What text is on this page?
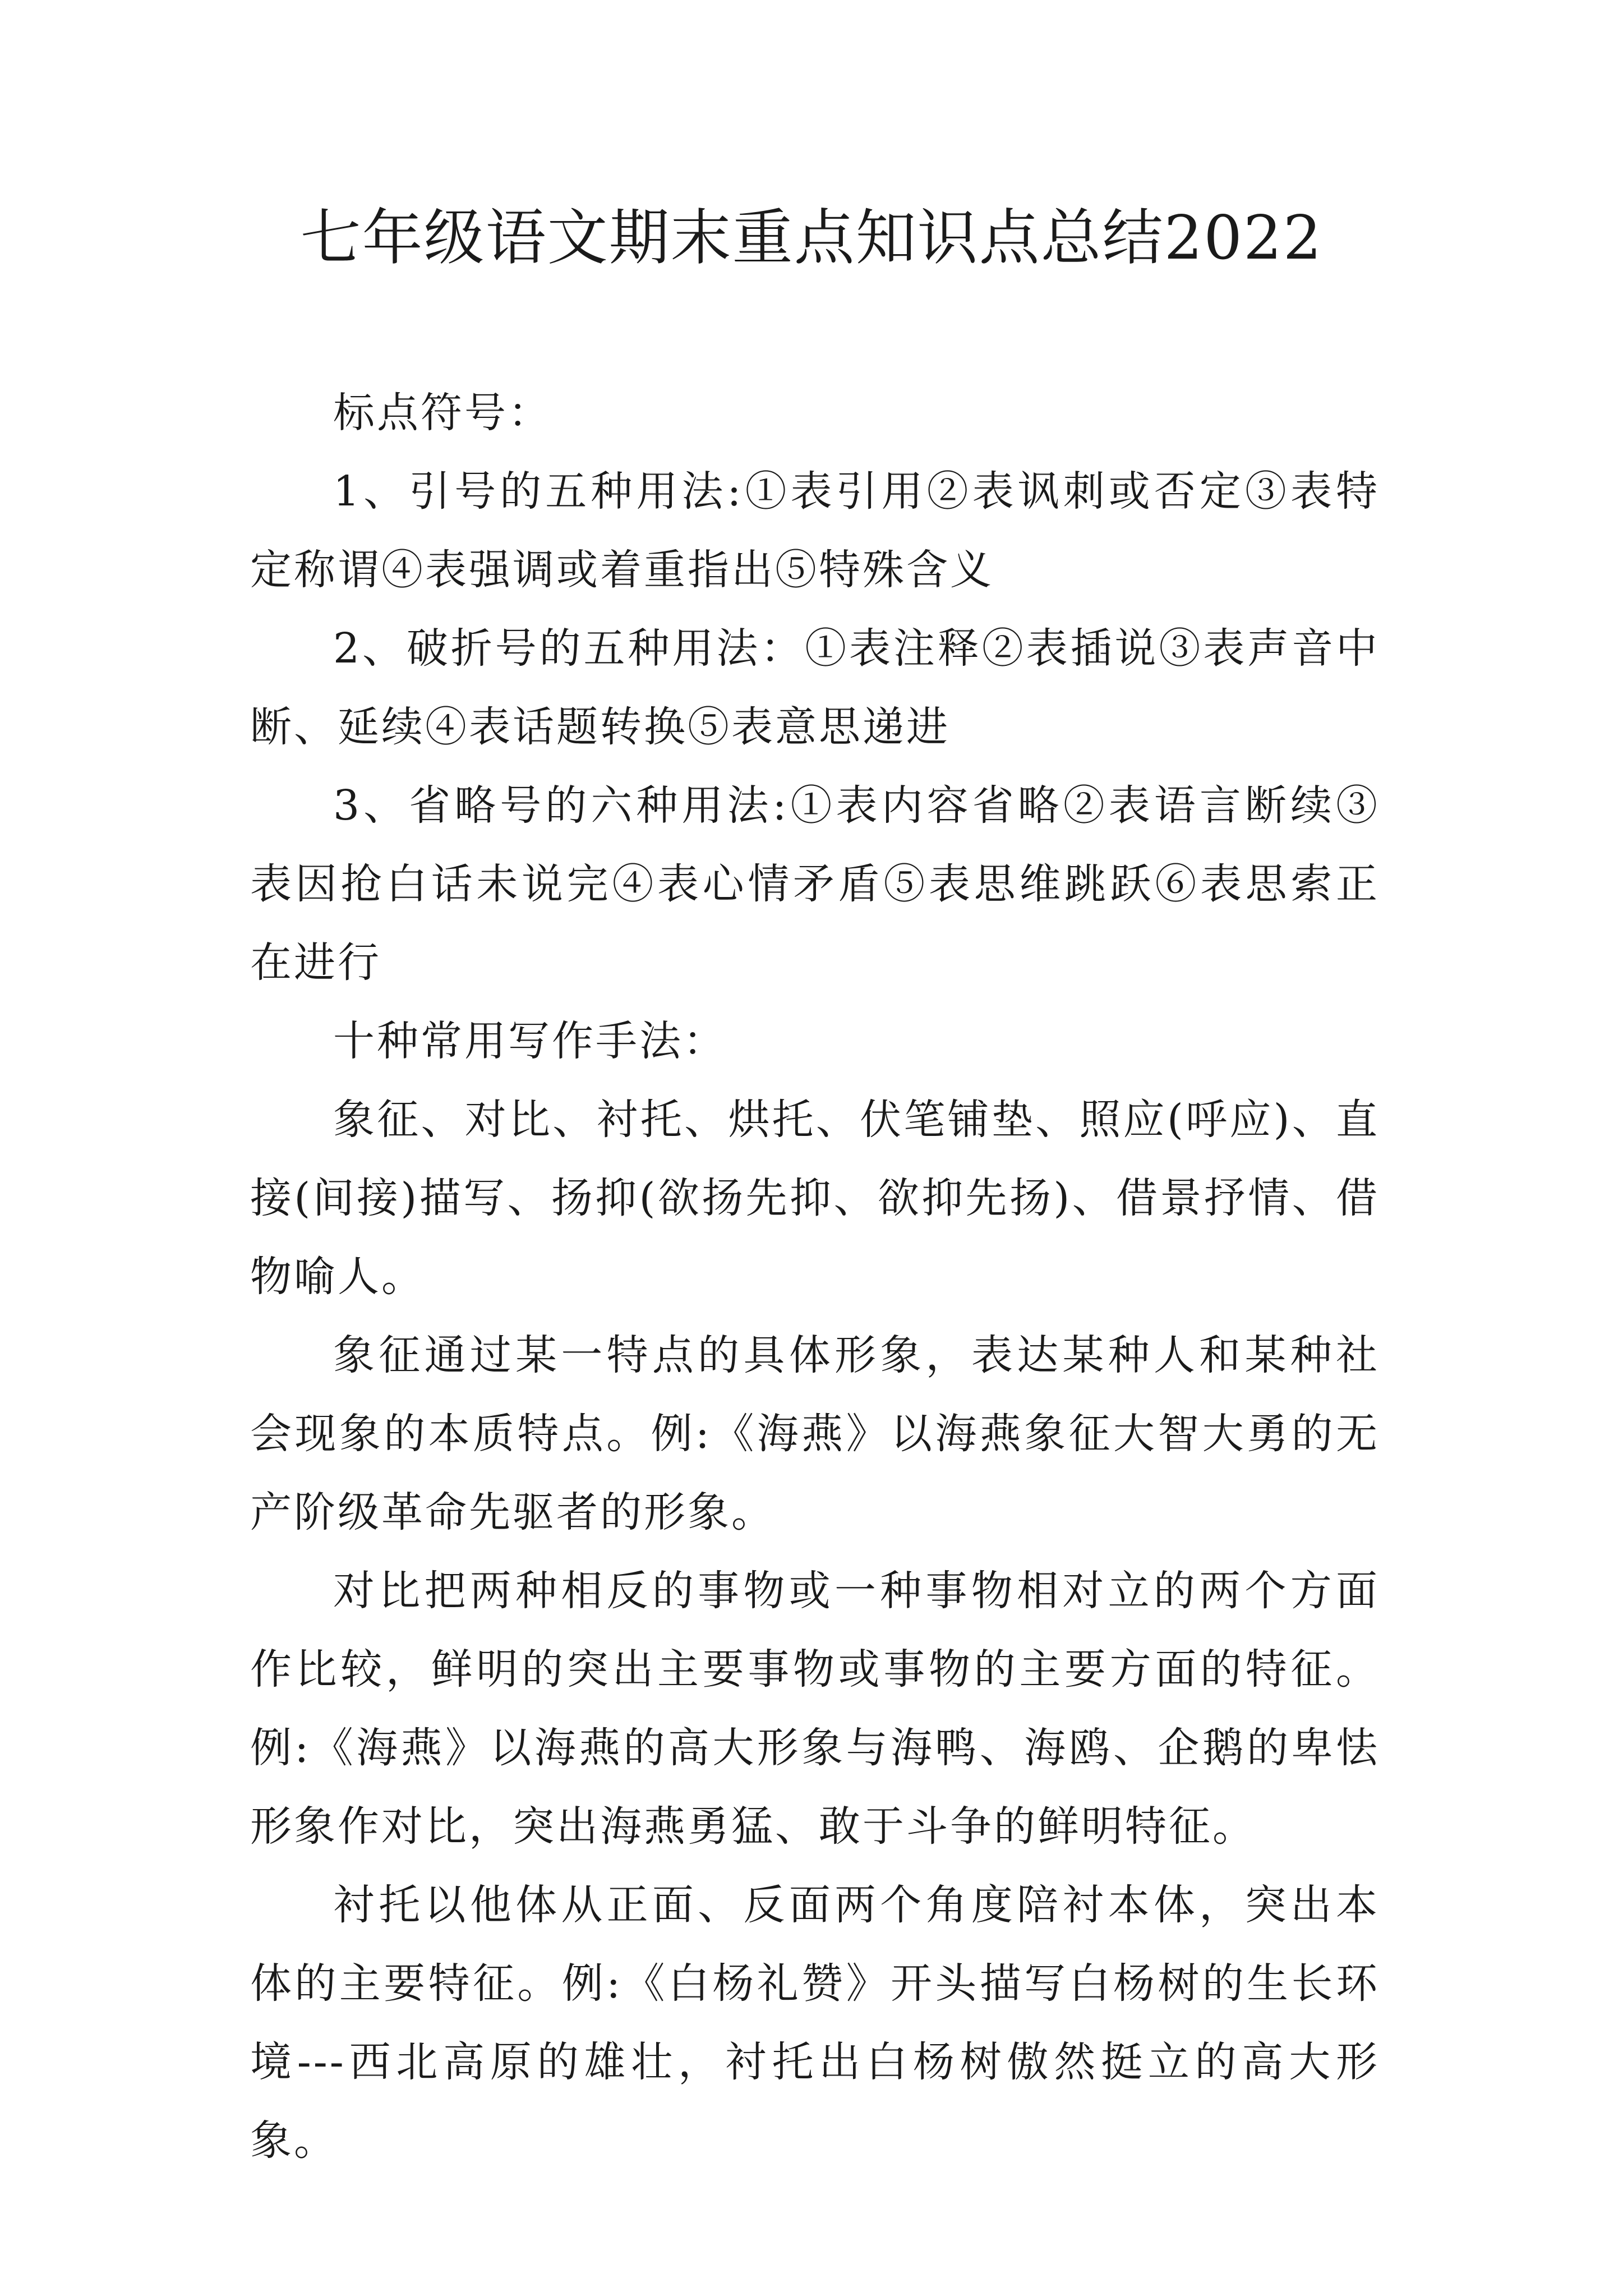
七年级语文期末重点知识点总结2022

标点符号：

1、引号的五种用法:①表引用②表讽刺或否定③表特定称谓④表强调或着重指出⑤特殊含义

2、破折号的五种用法：①表注释②表插说③表声音中断、延续④表话题转换⑤表意思递进

3、省略号的六种用法:①表内容省略②表语言断续③表因抢白话未说完④表心情矛盾⑤表思维跳跃⑥表思索正在进行

十种常用写作手法：

象征、对比、衬托、烘托、伏笔铺垫、照应(呼应)、直接(间接)描写、扬抑(欲扬先抑、欲抑先扬)、借景抒情、借物喻人。

象征通过某一特点的具体形象，表达某种人和某种社会现象的本质特点。例:《海燕》以海燕象征大智大勇的无产阶级革命先驱者的形象。

对比把两种相反的事物或一种事物相对立的两个方面作比较，鲜明的突出主要事物或事物的主要方面的特征。例:《海燕》以海燕的高大形象与海鸭、海鸥、企鹅的卑怯形象作对比，突出海燕勇猛、敢于斗争的鲜明特征。

衬托以他体从正面、反面两个角度陪衬本体，突出本体的主要特征。例:《白杨礼赞》开头描写白杨树的生长环境---西北高原的雄壮，衬托出白杨树傲然挺立的高大形象。
